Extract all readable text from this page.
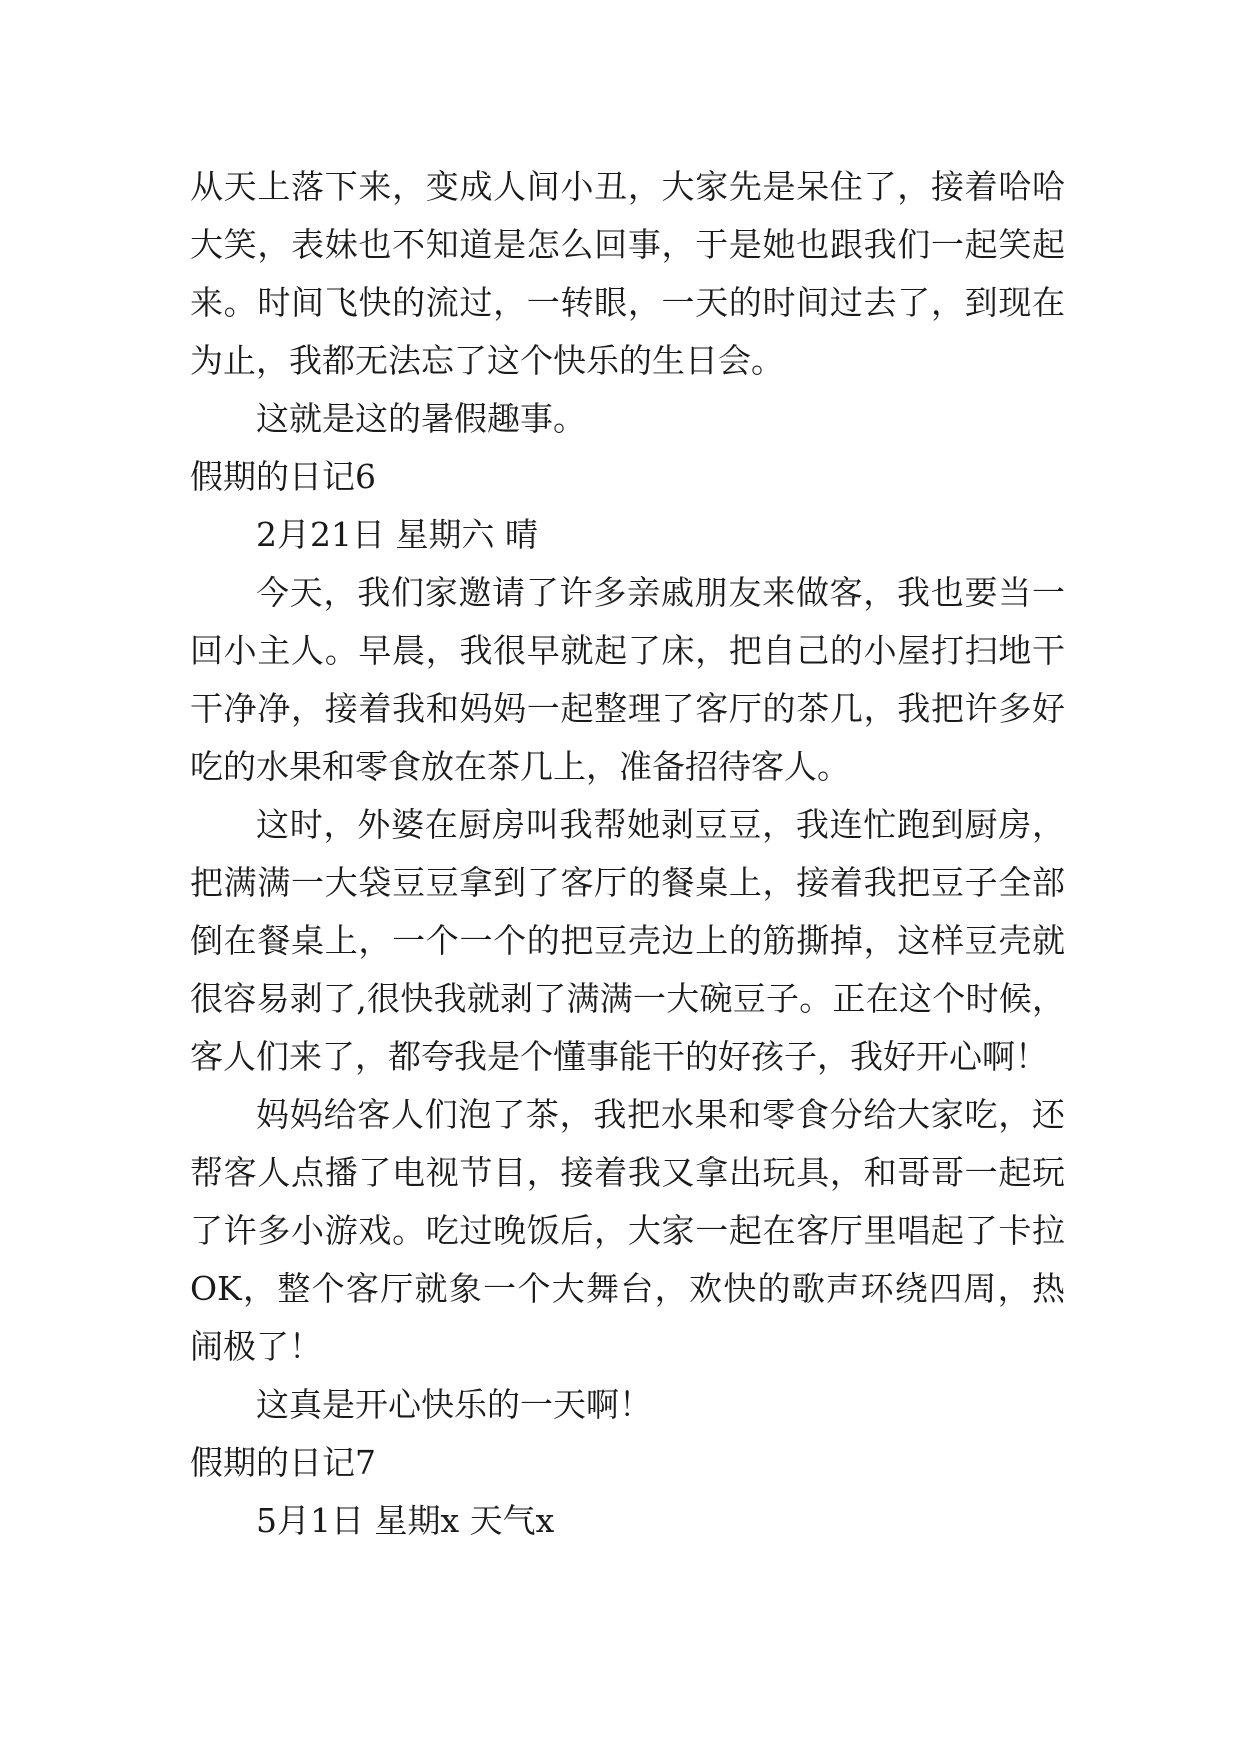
从天上落下来，变成人间小丑，大家先是呆住了，接着哈哈大笑，表妹也不知道是怎么回事，于是她也跟我们一起笑起来。时间飞快的流过，一转眼，一天的时间过去了，到现在为止，我都无法忘了这个快乐的生日会。

这就是这的暑假趣事。

假期的日记6

2月21日 星期六 晴

今天，我们家邀请了许多亲戚朋友来做客，我也要当一回小主人。早晨，我很早就起了床，把自己的小屋打扫地干干净净，接着我和妈妈一起整理了客厅的茶几，我把许多好吃的水果和零食放在茶几上，准备招待客人。

这时，外婆在厨房叫我帮她剥豆豆，我连忙跑到厨房，把满满一大袋豆豆拿到了客厅的餐桌上，接着我把豆子全部倒在餐桌上，一个一个的把豆壳边上的筋撕掉，这样豆壳就很容易剥了,很快我就剥了满满一大碗豆子。正在这个时候，客人们来了，都夸我是个懂事能干的好孩子，我好开心啊！

妈妈给客人们泡了茶，我把水果和零食分给大家吃，还帮客人点播了电视节目，接着我又拿出玩具，和哥哥一起玩了许多小游戏。吃过晚饭后，大家一起在客厅里唱起了卡拉OK，整个客厅就象一个大舞台，欢快的歌声环绕四周，热闹极了！

这真是开心快乐的一天啊！

假期的日记7

5月1日 星期x 天气x
